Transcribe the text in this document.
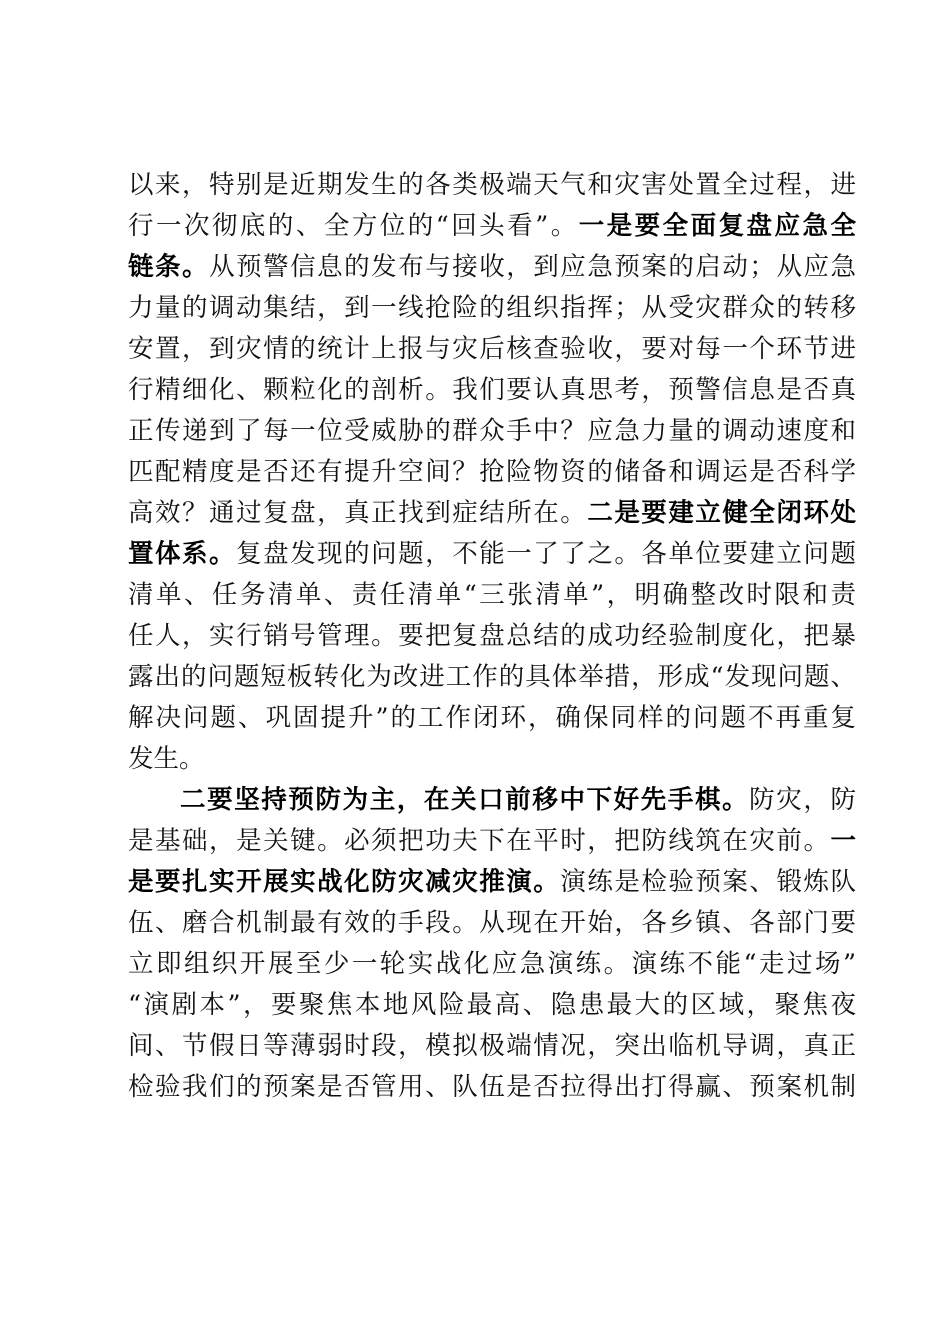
以来，特别是近期发生的各类极端天气和灾害处置全过程，进
行一次彻底的、全方位的“回头看”。一是要全面复盘应急全
链条。从预警信息的发布与接收，到应急预案的启动；从应急
力量的调动集结，到一线抢险的组织指挥；从受灾群众的转移
安置，到灾情的统计上报与灾后核查验收，要对每一个环节进
行精细化、颗粒化的剖析。我们要认真思考，预警信息是否真
正传递到了每一位受威胁的群众手中？应急力量的调动速度和
匹配精度是否还有提升空间？抢险物资的储备和调运是否科学
高效？通过复盘，真正找到症结所在。二是要建立健全闭环处
置体系。复盘发现的问题，不能一了了之。各单位要建立问题
清单、任务清单、责任清单“三张清单”，明确整改时限和责
任人，实行销号管理。要把复盘总结的成功经验制度化，把暴
露出的问题短板转化为改进工作的具体举措，形成“发现问题、
解决问题、巩固提升”的工作闭环，确保同样的问题不再重复
发生。
二要坚持预防为主，在关口前移中下好先手棋。防灾，防
是基础，是关键。必须把功夫下在平时，把防线筑在灾前。一
是要扎实开展实战化防灾减灾推演。演练是检验预案、锻炼队
伍、磨合机制最有效的手段。从现在开始，各乡镇、各部门要
立即组织开展至少一轮实战化应急演练。演练不能“走过场”
“演剧本”，要聚焦本地风险最高、隐患最大的区域，聚焦夜
间、节假日等薄弱时段，模拟极端情况，突出临机导调，真正
检验我们的预案是否管用、队伍是否拉得出打得赢、预案机制
